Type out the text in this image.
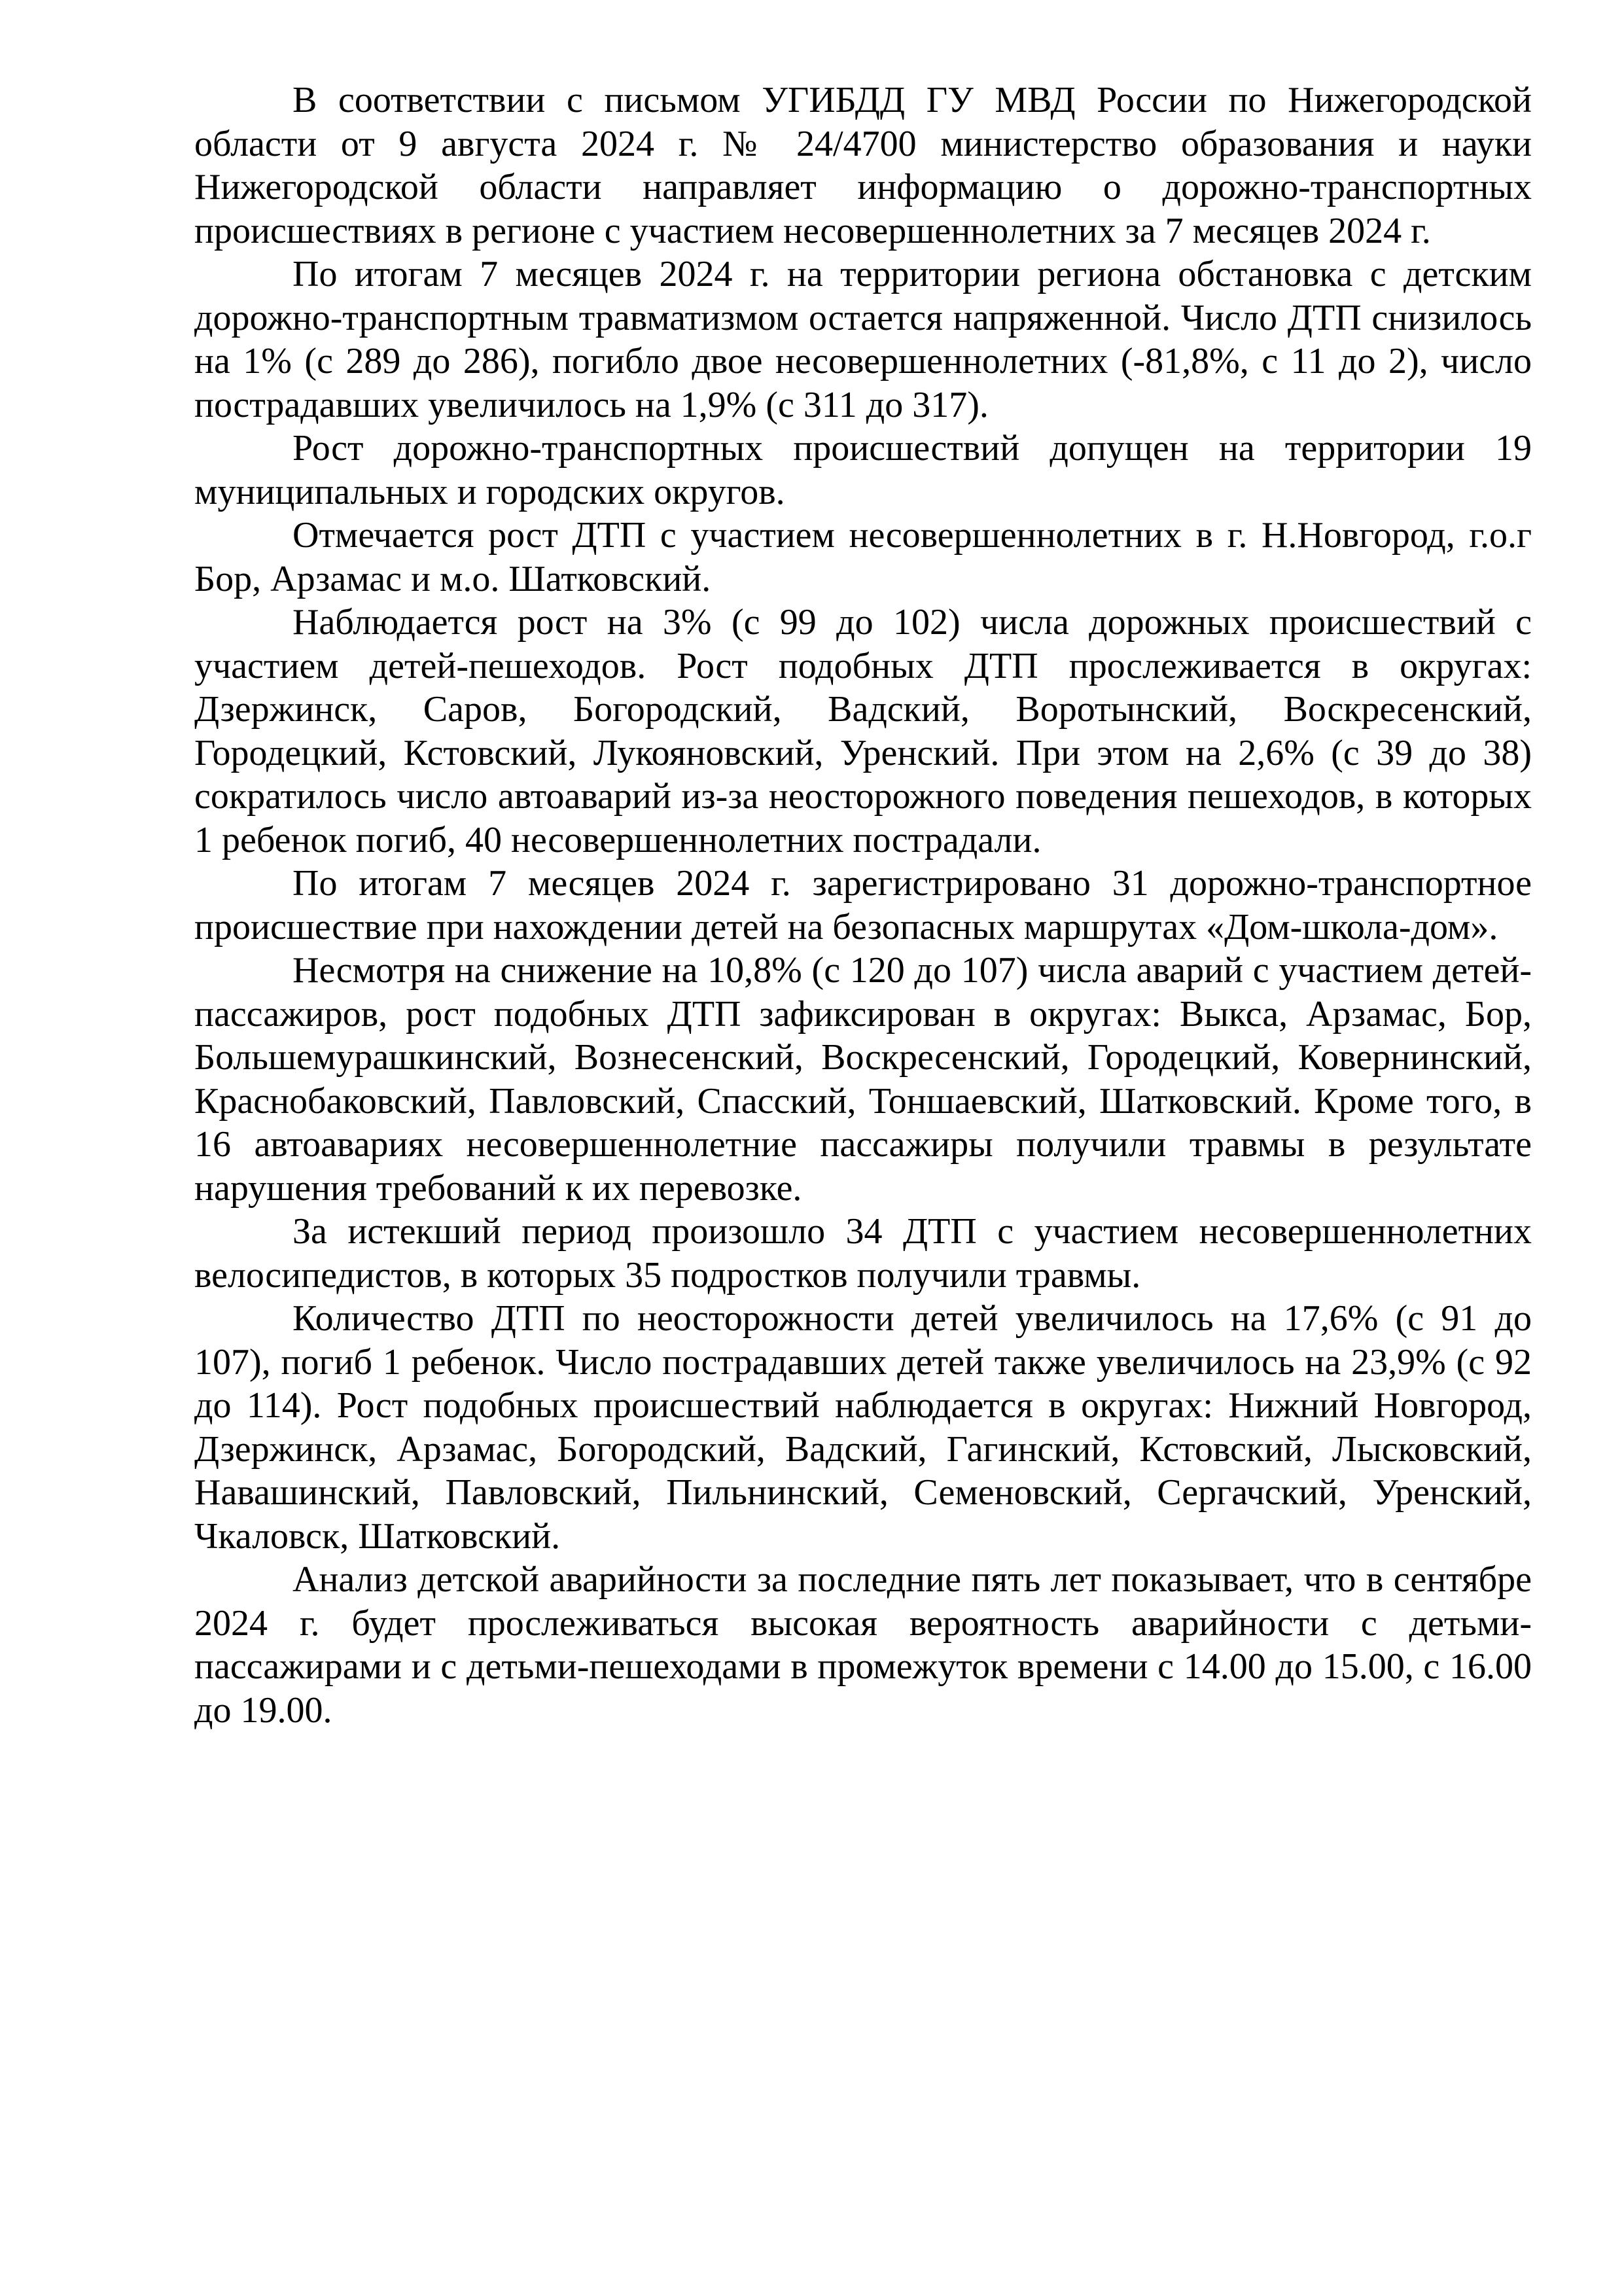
В соответствии с письмом УГИБДД ГУ МВД России по Нижегородской области от 9 августа 2024 г. № 24/4700 министерство образования и науки Нижегородской области направляет информацию о дорожно-транспортных происшествиях в регионе с участием несовершеннолетних за 7 месяцев 2024 г.

По итогам 7 месяцев 2024 г. на территории региона обстановка с детским дорожно-транспортным травматизмом остается напряженной. Число ДТП снизилось на 1% (с 289 до 286), погибло двое несовершеннолетних (-81,8%, с 11 до 2), число пострадавших увеличилось на 1,9% (с 311 до 317).

Рост дорожно-транспортных происшествий допущен на территории 19 муниципальных и городских округов.

Отмечается рост ДТП с участием несовершеннолетних в г. Н.Новгород, г.о.г Бор, Арзамас и м.о. Шатковский.

Наблюдается рост на 3% (с 99 до 102) числа дорожных происшествий с участием детей-пешеходов. Рост подобных ДТП прослеживается в округах: Дзержинск, Саров, Богородский, Вадский, Воротынский, Воскресенский, Городецкий, Кстовский, Лукояновский, Уренский. При этом на 2,6% (с 39 до 38) сократилось число автоаварий из-за неосторожного поведения пешеходов, в которых 1 ребенок погиб, 40 несовершеннолетних пострадали.

По итогам 7 месяцев 2024 г. зарегистрировано 31 дорожно-транспортное происшествие при нахождении детей на безопасных маршрутах «Дом-школа-дом».

Несмотря на снижение на 10,8% (с 120 до 107) числа аварий с участием детей-пассажиров, рост подобных ДТП зафиксирован в округах: Выкса, Арзамас, Бор, Большемурашкинский, Вознесенский, Воскресенский, Городецкий, Ковернинский, Краснобаковский, Павловский, Спасский, Тоншаевский, Шатковский. Кроме того, в 16 автоавариях несовершеннолетние пассажиры получили травмы в результате нарушения требований к их перевозке.

За истекший период произошло 34 ДТП с участием несовершеннолетних велосипедистов, в которых 35 подростков получили травмы.

Количество ДТП по неосторожности детей увеличилось на 17,6% (с 91 до 107), погиб 1 ребенок. Число пострадавших детей также увеличилось на 23,9% (с 92 до 114). Рост подобных происшествий наблюдается в округах: Нижний Новгород, Дзержинск, Арзамас, Богородский, Вадский, Гагинский, Кстовский, Лысковский, Навашинский, Павловский, Пильнинский, Семеновский, Сергачский, Уренский, Чкаловск, Шатковский.

Анализ детской аварийности за последние пять лет показывает, что в сентябре 2024 г. будет прослеживаться высокая вероятность аварийности с детьми-пассажирами и с детьми-пешеходами в промежуток времени с 14.00 до 15.00, с 16.00 до 19.00.
